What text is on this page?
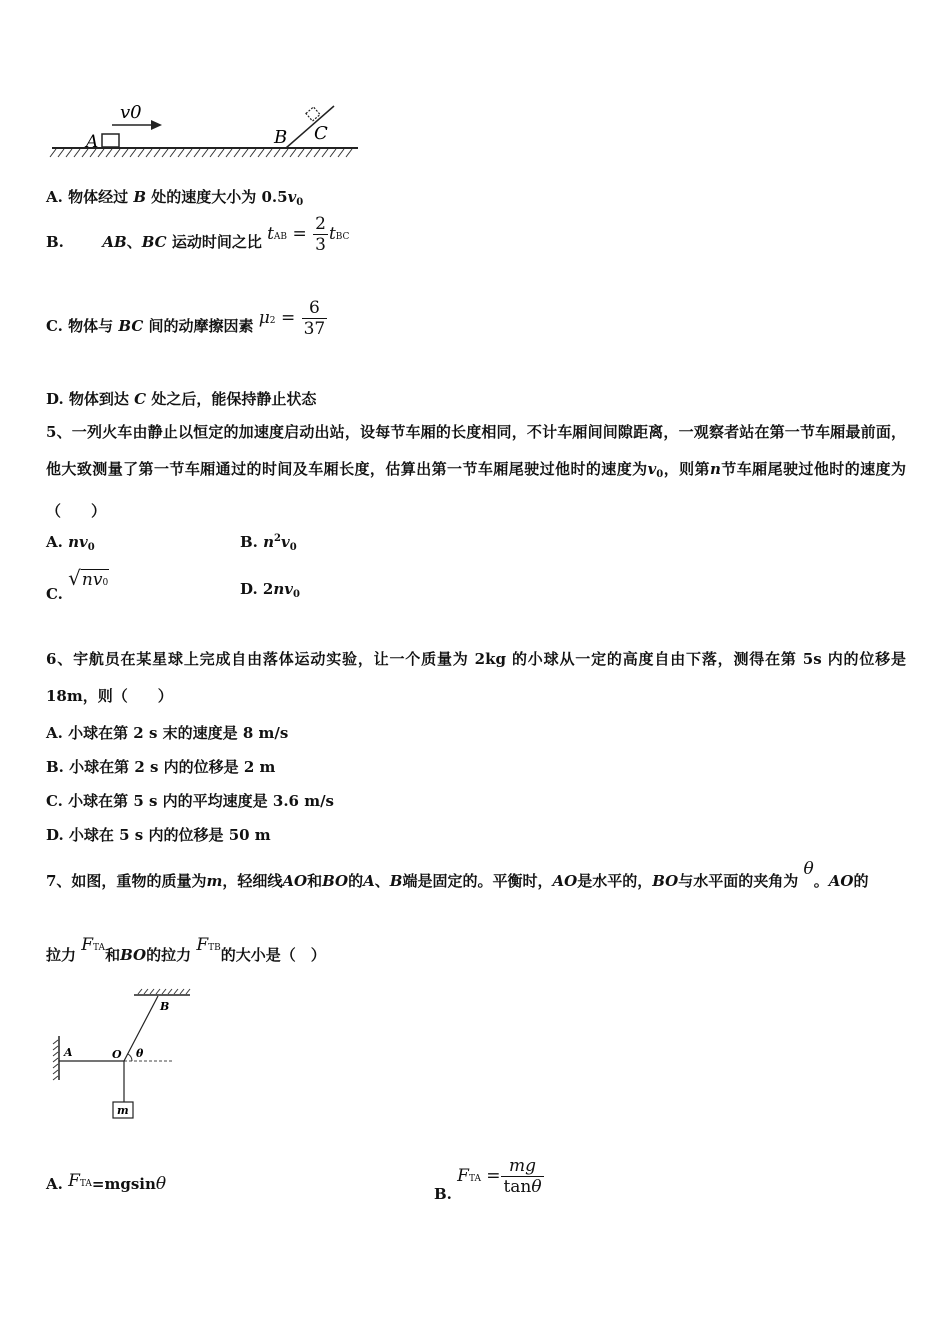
v0
A	B C
A. 物体经过 B 处的速度大小为 $0.5v_0$
B.	AB、BC 运动时间之比 tAB = $\frac{2}{3}$ tBC
C. 物体与 BC 间的动摩擦因素 $\mu 2 = \frac{6}{37}$
D. 物体到达 C 处之后，能保持静止状态
5、一列火车由静止以恒定的加速度启动出站，设每节车厢的长度相同，不计车厢间间隙距离，一观察者站在第一节车厢最前面，他大致测量了第一节车厢通过的时间及车厢长度，估算出第一节车厢尾驶过他时的速度为$v_0$，则第n节车厢尾驶过他时的速度为（　　）
A. $nv_0$	B. $n^2v_0$
C. √nv0	D. $2nv_0$
6、宇航员在某星球上完成自由落体运动实验，让一个质量为 2kg 的小球从一定的高度自由下落，测得在第 5s 内的位移是 18m，则（　　）
A. 小球在第 2 s 末的速度是 8 m/s
B. 小球在第 2 s 内的位移是 2 m
C. 小球在第 5 s 内的平均速度是 3.6 m/s
D. 小球在 5 s 内的位移是 50 m
7、如图，重物的质量为m，轻细线AO和BO的A、B端是固定的。平衡时，AO是水平的，BO与水平面的夹角为 θ。AO的
拉力 FTA和BO的拉力 FTB的大小是（　）
A
B
O θ
m
A. FTA=mgsinθ	B. FTA = $\frac{mg}{\tan\theta}$
